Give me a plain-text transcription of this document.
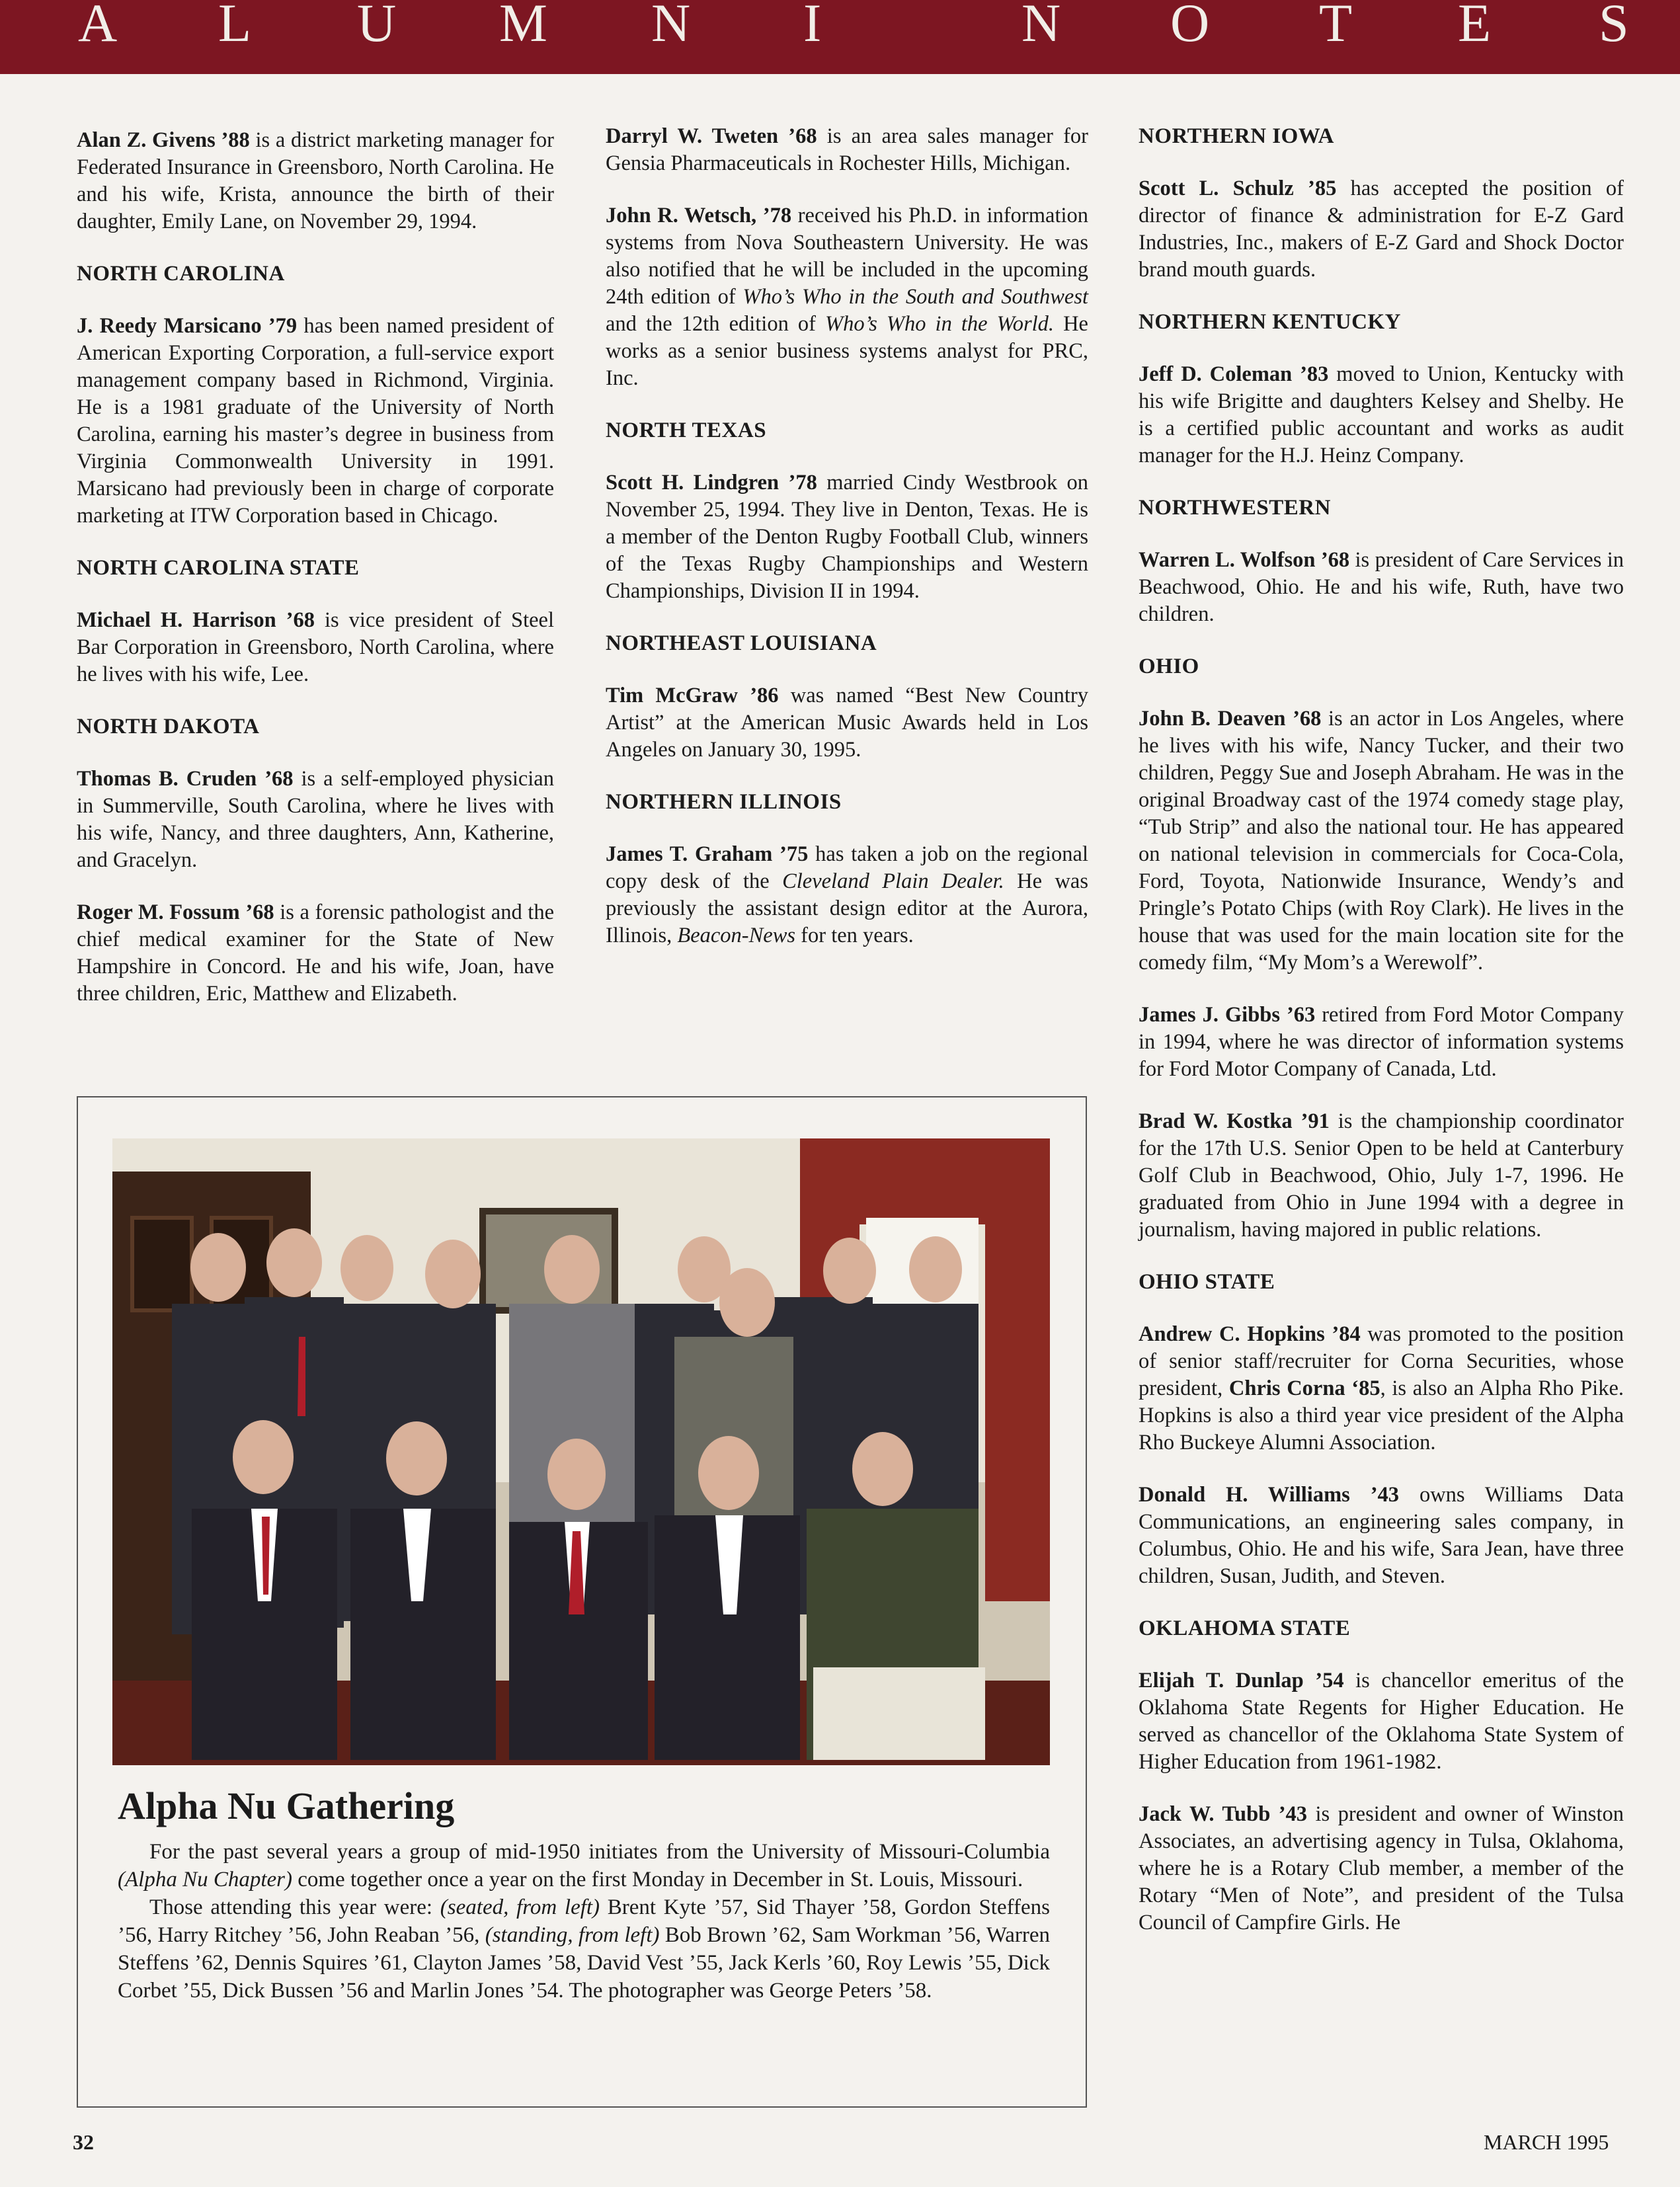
A L U M N I	N O T E S

Alan Z. Givens ’88 is a district marketing manager for Federated Insurance in Greensboro, North Carolina. He and his wife, Krista, announce the birth of their daughter, Emily Lane, on November 29, 1994.

NORTH CAROLINA

J. Reedy Marsicano ’79 has been named president of American Exporting Corporation, a full-service export management company based in Richmond, Virginia. He is a 1981 graduate of the University of North Carolina, earning his master’s degree in business from Virginia Commonwealth University in 1991. Marsicano had previously been in charge of corporate marketing at ITW Corporation based in Chicago.

NORTH CAROLINA STATE

Michael H. Harrison ’68 is vice president of Steel Bar Corporation in Greensboro, North Carolina, where he lives with his wife, Lee.

NORTH DAKOTA

Thomas B. Cruden ’68 is a self-employed physician in Summerville, South Carolina, where he lives with his wife, Nancy, and three daughters, Ann, Katherine, and Gracelyn.

Roger M. Fossum ’68 is a forensic pathologist and the chief medical examiner for the State of New Hampshire in Concord. He and his wife, Joan, have three children, Eric, Matthew and Elizabeth.

Darryl W. Tweten ’68 is an area sales manager for Gensia Pharmaceuticals in Rochester Hills, Michigan.

John R. Wetsch, ’78 received his Ph.D. in information systems from Nova Southeastern University. He was also notified that he will be included in the upcoming 24th edition of Who’s Who in the South and Southwest and the 12th edition of Who’s Who in the World. He works as a senior business systems analyst for PRC, Inc.

NORTH TEXAS

Scott H. Lindgren ’78 married Cindy Westbrook on November 25, 1994. They live in Denton, Texas. He is a member of the Denton Rugby Football Club, winners of the Texas Rugby Championships and Western Championships, Division II in 1994.

NORTHEAST LOUISIANA

Tim McGraw ’86 was named “Best New Country Artist” at the American Music Awards held in Los Angeles on January 30, 1995.

NORTHERN ILLINOIS

James T. Graham ’75 has taken a job on the regional copy desk of the Cleveland Plain Dealer. He was previously the assistant design editor at the Aurora, Illinois, Beacon-News for ten years.

NORTHERN IOWA

Scott L. Schulz ’85 has accepted the position of director of finance & administration for E-Z Gard Industries, Inc., makers of E-Z Gard and Shock Doctor brand mouth guards.

NORTHERN KENTUCKY

Jeff D. Coleman ’83 moved to Union, Kentucky with his wife Brigitte and daughters Kelsey and Shelby. He is a certified public accountant and works as audit manager for the H.J. Heinz Company.

NORTHWESTERN

Warren L. Wolfson ’68 is president of Care Services in Beachwood, Ohio. He and his wife, Ruth, have two children.

OHIO

John B. Deaven ’68 is an actor in Los Angeles, where he lives with his wife, Nancy Tucker, and their two children, Peggy Sue and Joseph Abraham. He was in the original Broadway cast of the 1974 comedy stage play, “Tub Strip” and also the national tour. He has appeared on national television in commercials for Coca-Cola, Ford, Toyota, Nationwide Insurance, Wendy’s and Pringle’s Potato Chips (with Roy Clark). He lives in the house that was used for the main location site for the comedy film, “My Mom’s a Werewolf”.

James J. Gibbs ’63 retired from Ford Motor Company in 1994, where he was director of information systems for Ford Motor Company of Canada, Ltd.

Brad W. Kostka ’91 is the championship coordinator for the 17th U.S. Senior Open to be held at Canterbury Golf Club in Beachwood, Ohio, July 1-7, 1996. He graduated from Ohio in June 1994 with a degree in journalism, having majored in public relations.

OHIO STATE

Andrew C. Hopkins ’84 was promoted to the position of senior staff/recruiter for Corna Securities, whose president, Chris Corna ‘85, is also an Alpha Rho Pike. Hopkins is also a third year vice president of the Alpha Rho Buckeye Alumni Association.

Donald H. Williams ’43 owns Williams Data Communications, an engineering sales company, in Columbus, Ohio. He and his wife, Sara Jean, have three children, Susan, Judith, and Steven.

OKLAHOMA STATE

Elijah T. Dunlap ’54 is chancellor emeritus of the Oklahoma State Regents for Higher Education. He served as chancellor of the Oklahoma State System of Higher Education from 1961-1982.

Jack W. Tubb ’43 is president and owner of Winston Associates, an advertising agency in Tulsa, Oklahoma, where he is a Rotary Club member, a member of the Rotary “Men of Note”, and president of the Tulsa Council of Campfire Girls. He

Alpha Nu Gathering

For the past several years a group of mid-1950 initiates from the University of Missouri-Columbia (Alpha Nu Chapter) come together once a year on the first Monday in December in St. Louis, Missouri.

Those attending this year were: (seated, from left) Brent Kyte ’57, Sid Thayer ’58, Gordon Steffens ’56, Harry Ritchey ’56, John Reaban ’56, (standing, from left) Bob Brown ’62, Sam Workman ’56, Warren Steffens ’62, Dennis Squires ’61, Clayton James ’58, David Vest ’55, Jack Kerls ’60, Roy Lewis ’55, Dick Corbet ’55, Dick Bussen ’56 and Marlin Jones ’54. The photographer was George Peters ’58.

32	MARCH 1995
